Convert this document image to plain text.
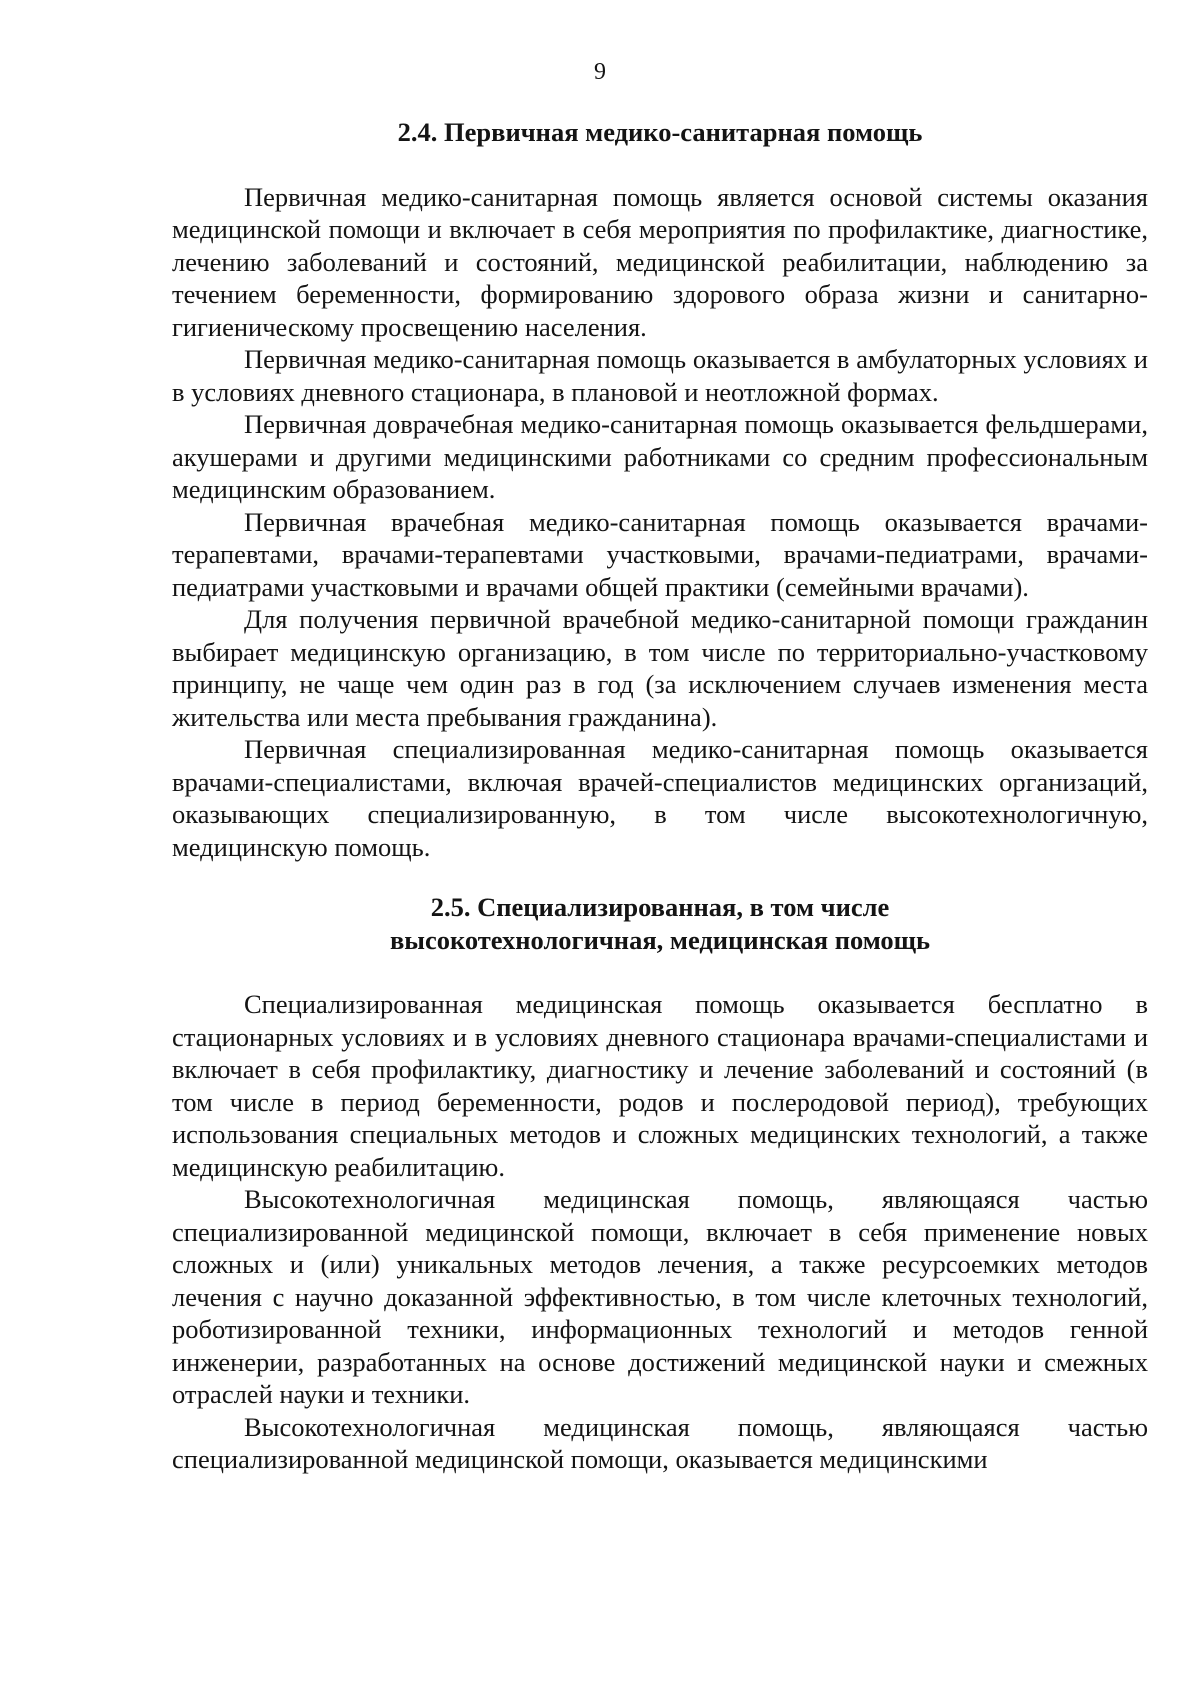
9
2.4. Первичная медико-санитарная помощь

Первичная медико-санитарная помощь является основой системы оказания медицинской помощи и включает в себя мероприятия по профилактике, диагностике, лечению заболеваний и состояний, медицинской реабилитации, наблюдению за течением беременности, формированию здорового образа жизни и санитарно-гигиеническому просвещению населения.

Первичная медико-санитарная помощь оказывается в амбулаторных условиях и в условиях дневного стационара, в плановой и неотложной формах.

Первичная доврачебная медико-санитарная помощь оказывается фельдшерами, акушерами и другими медицинскими работниками со средним профессиональным медицинским образованием.

Первичная врачебная медико-санитарная помощь оказывается врачами-терапевтами, врачами-терапевтами участковыми, врачами-педиатрами, врачами-педиатрами участковыми и врачами общей практики (семейными врачами).

Для получения первичной врачебной медико-санитарной помощи гражданин выбирает медицинскую организацию, в том числе по территориально-участковому принципу, не чаще чем один раз в год (за исключением случаев изменения места жительства или места пребывания гражданина).

Первичная специализированная медико-санитарная помощь оказывается врачами-специалистами, включая врачей-специалистов медицинских организаций, оказывающих специализированную, в том числе высокотехнологичную, медицинскую помощь.

2.5. Специализированная, в том числе
высокотехнологичная, медицинская помощь

Специализированная медицинская помощь оказывается бесплатно в стационарных условиях и в условиях дневного стационара врачами-специалистами и включает в себя профилактику, диагностику и лечение заболеваний и состояний (в том числе в период беременности, родов и послеродовой период), требующих использования специальных методов и сложных медицинских технологий, а также медицинскую реабилитацию.

Высокотехнологичная медицинская помощь, являющаяся частью специализированной медицинской помощи, включает в себя применение новых сложных и (или) уникальных методов лечения, а также ресурсоемких методов лечения с научно доказанной эффективностью, в том числе клеточных технологий, роботизированной техники, информационных технологий и методов генной инженерии, разработанных на основе достижений медицинской науки и смежных отраслей науки и техники.

Высокотехнологичная медицинская помощь, являющаяся частью специализированной медицинской помощи, оказывается медицинскими
